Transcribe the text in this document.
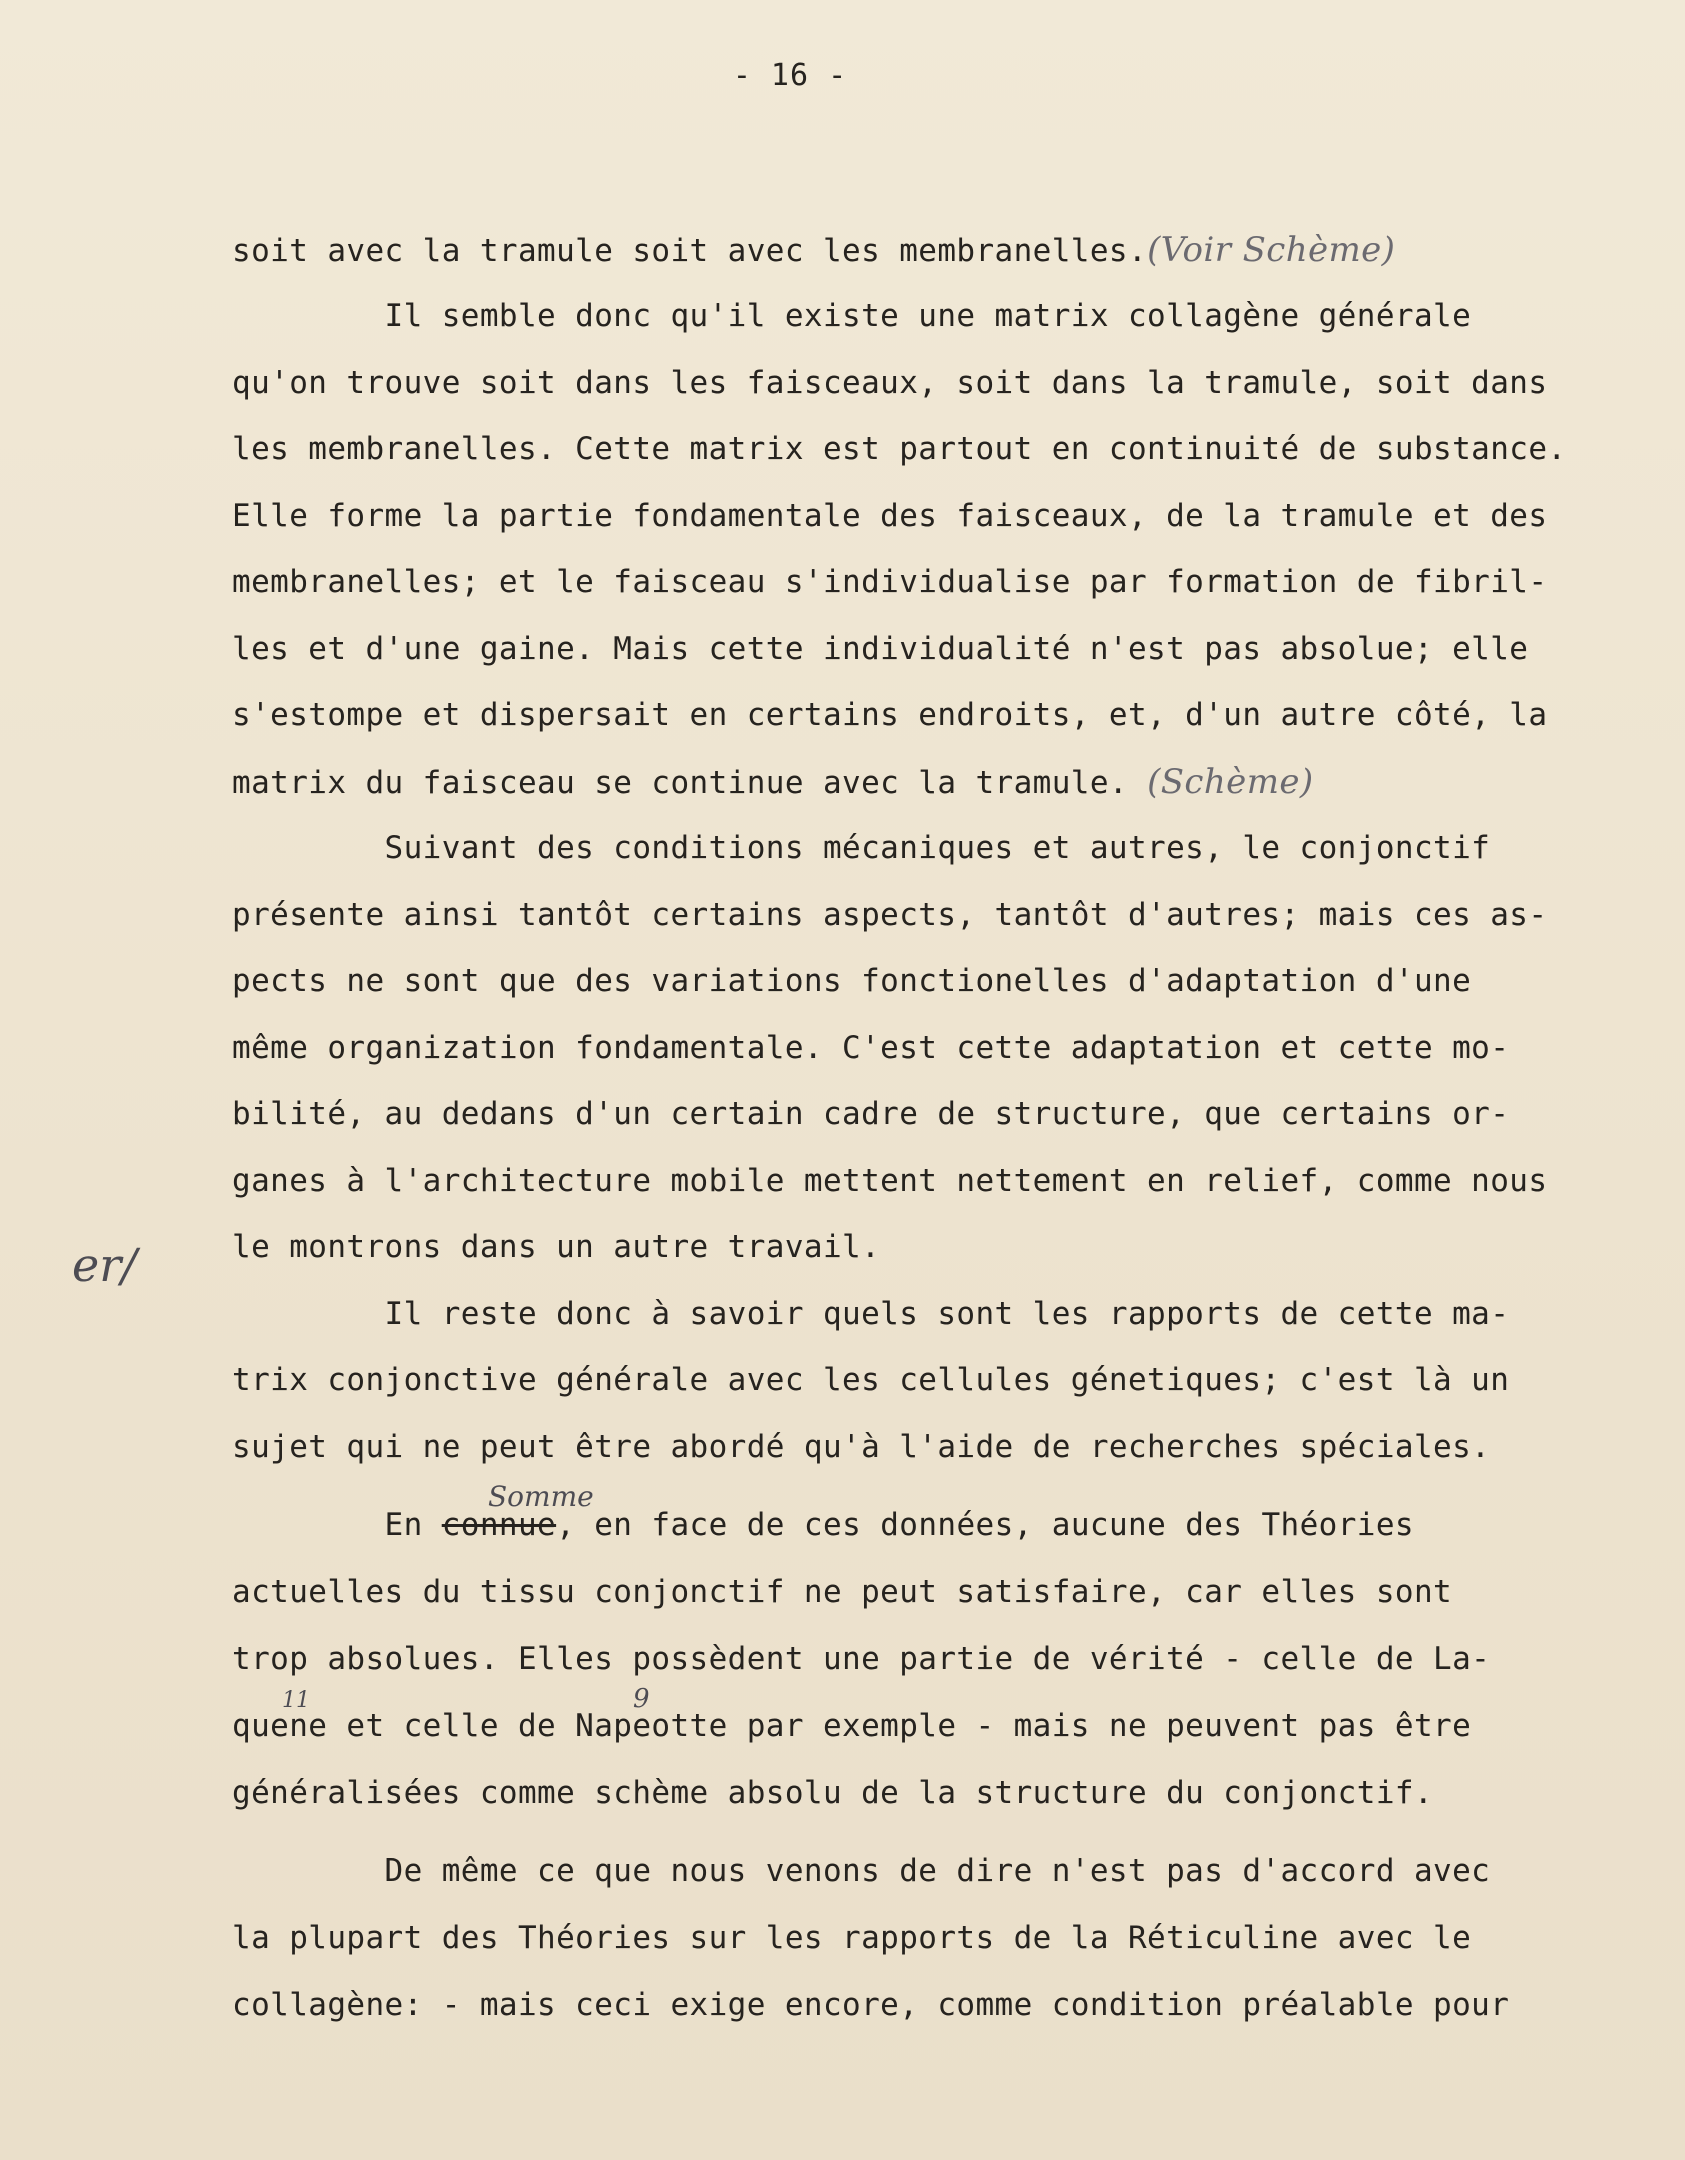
- 16 -
soit avec la tramule soit avec les membranelles.(Voir Schème)
Il semble donc qu'il existe une matrix collagène générale
qu'on trouve soit dans les faisceaux, soit dans la tramule, soit dans
les membranelles. Cette matrix est partout en continuité de substance.
Elle forme la partie fondamentale des faisceaux, de la tramule et des
membranelles; et le faisceau s'individualise par formation de fibril-
les et d'une gaine. Mais cette individualité n'est pas absolue; elle
s'estompe et dispersait en certains endroits, et, d'un autre côté, la
matrix du faisceau se continue avec la tramule. (Schème)
Suivant des conditions mécaniques et autres, le conjonctif
présente ainsi tantôt certains aspects, tantôt d'autres; mais ces as-
pects ne sont que des variations fonctionelles d'adaptation d'une
même organization fondamentale. C'est cette adaptation et cette mo-
bilité, au dedans d'un certain cadre de structure, que certains or-
ganes à l'architecture mobile mettent nettement en relief, comme nous
le montrons dans un autre travail.
Il reste donc à savoir quels sont les rapports de cette ma-
trix conjonctive générale avec les cellules génetiques; c'est là un
sujet qui ne peut être abordé qu'à l'aide de recherches spéciales.
En connue, en face de ces données, aucune des Théories
actuelles du tissu conjonctif ne peut satisfaire, car elles sont
trop absolues. Elles possèdent une partie de vérité - celle de La-
quene et celle de Napeotte par exemple - mais ne peuvent pas être
généralisées comme schème absolu de la structure du conjonctif.
De même ce que nous venons de dire n'est pas d'accord avec
la plupart des Théories sur les rapports de la Réticuline avec le
collagène: - mais ceci exige encore, comme condition préalable pour
er/
Somme
11	9
